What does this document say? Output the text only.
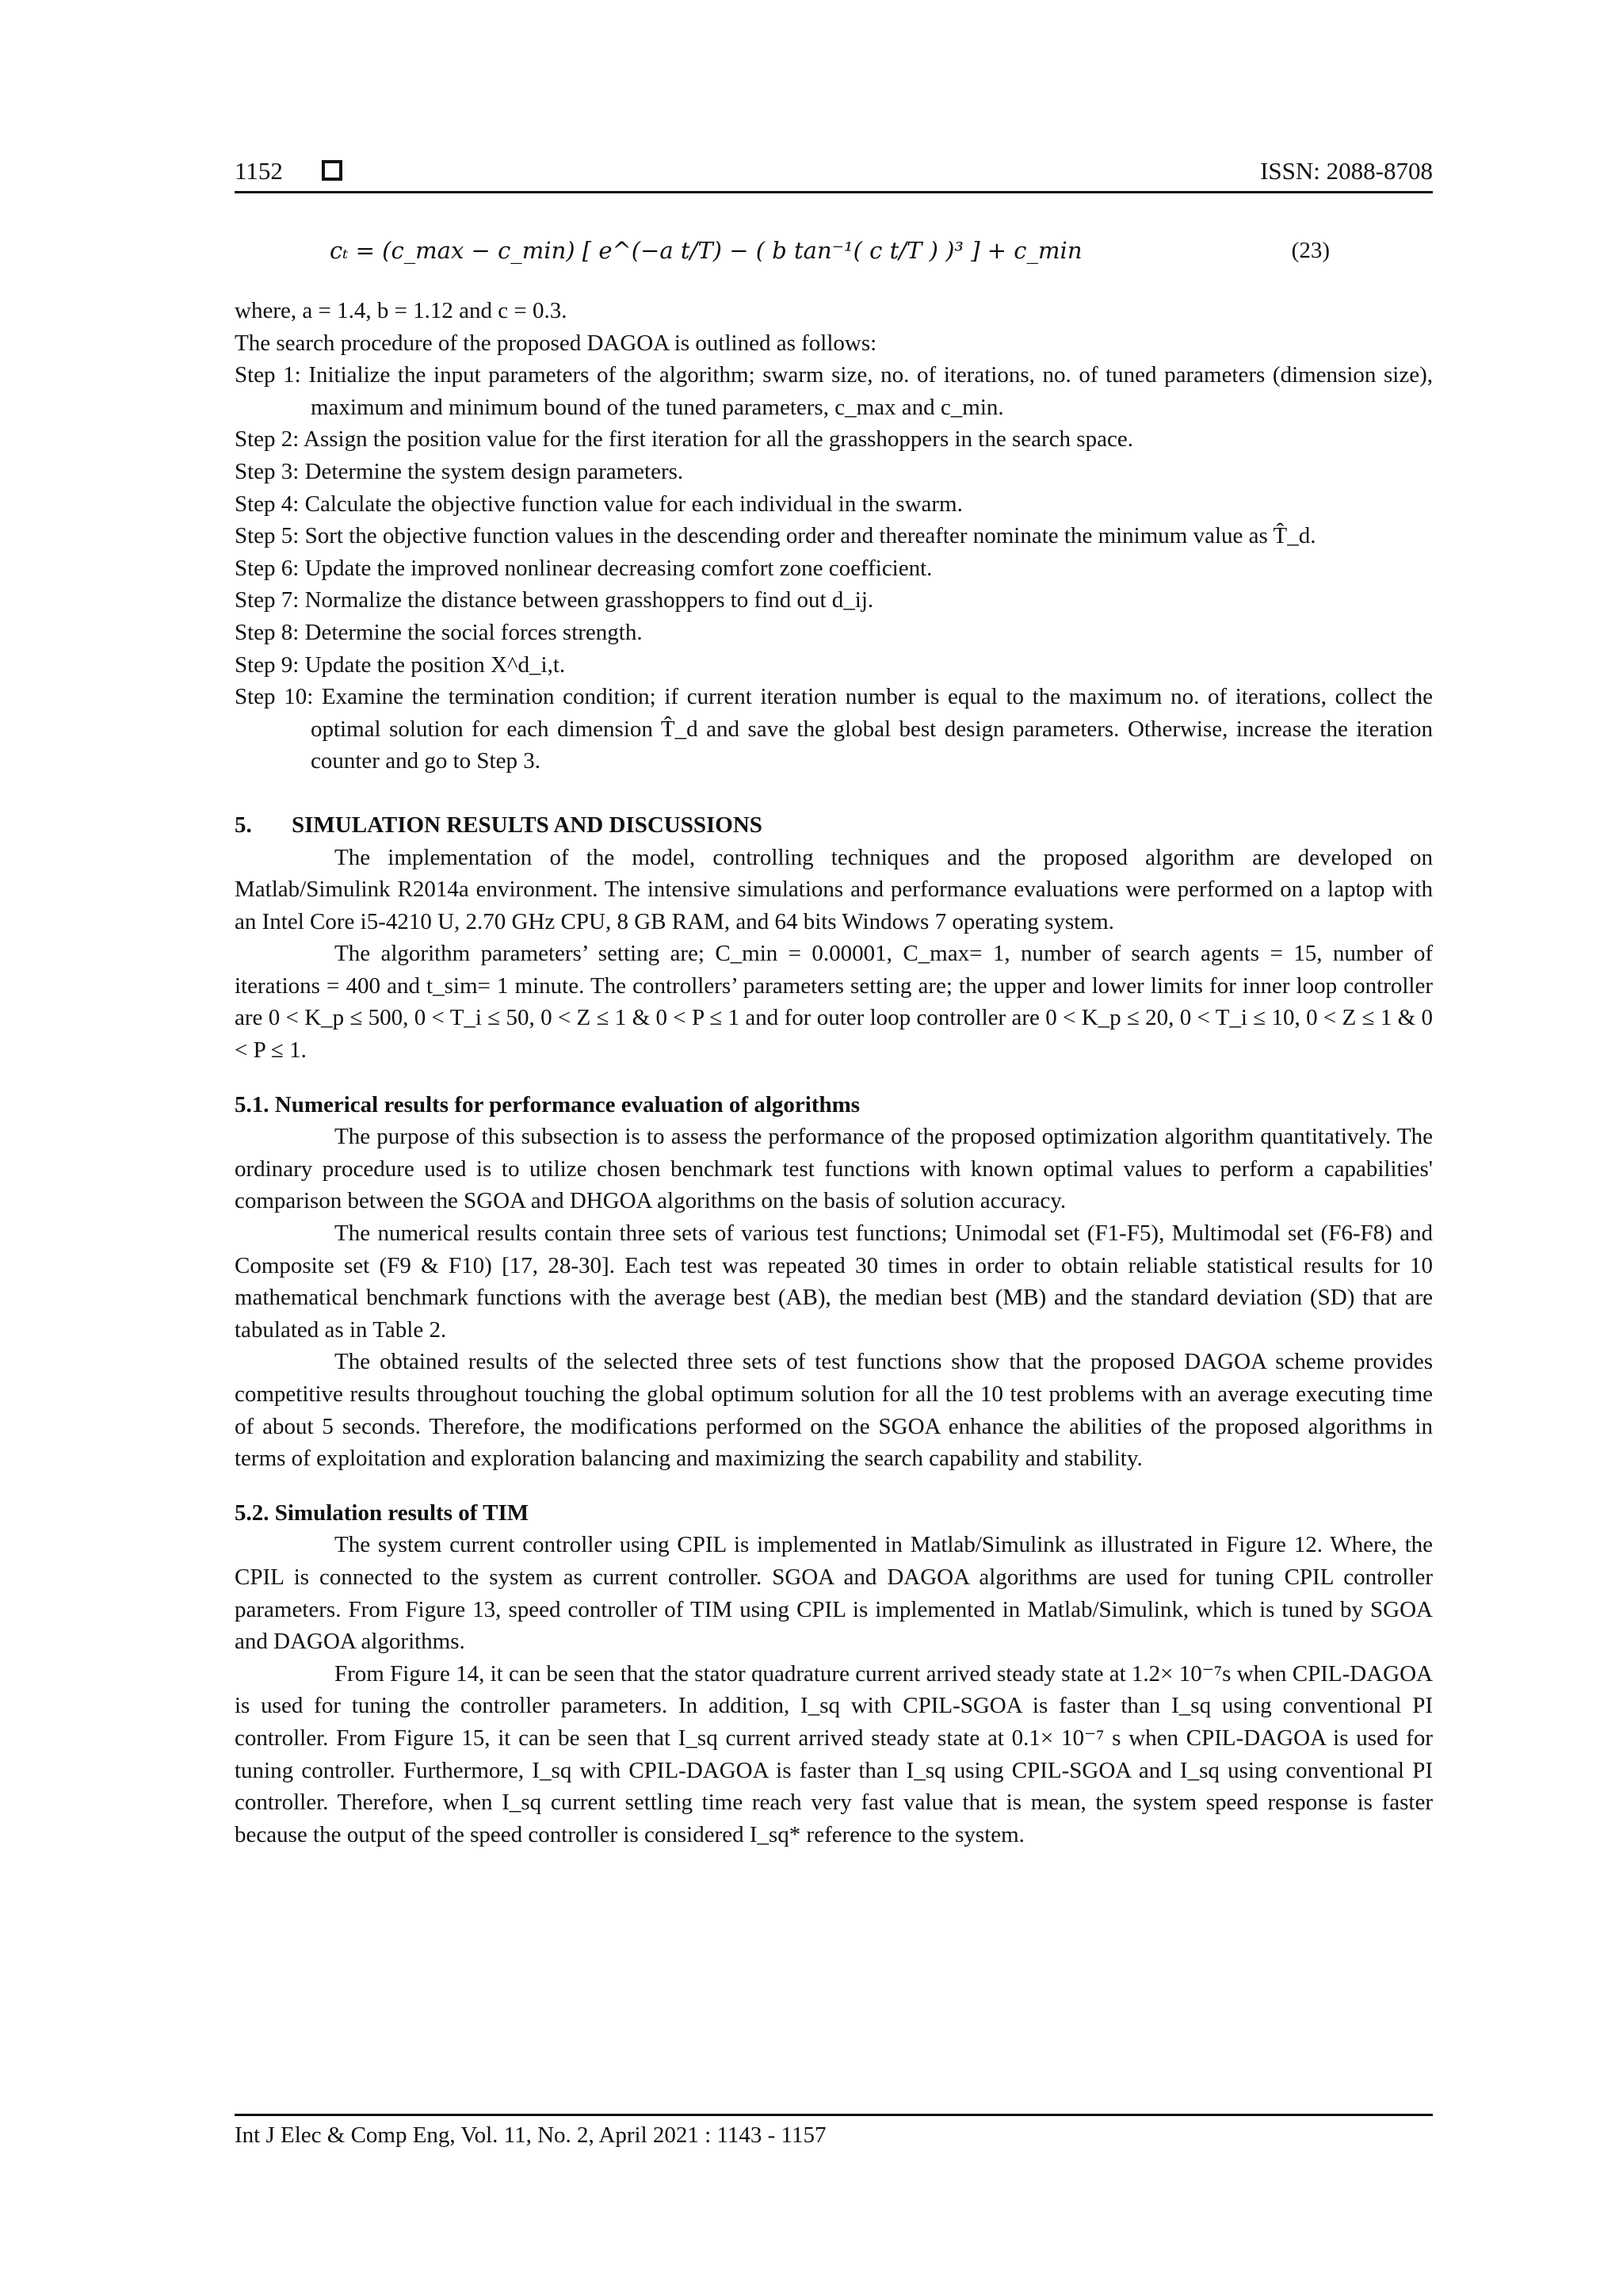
1152	ISSN: 2088-8708
cₜ = (c_max − c_min) [ e^(−a t/T) − ( b tan⁻¹( c t/T ) )³ ] + c_min	(23)

where, a = 1.4, b = 1.12 and c = 0.3.

The search procedure of the proposed DAGOA is outlined as follows:

Step 1: Initialize the input parameters of the algorithm; swarm size, no. of iterations, no. of tuned parameters (dimension size), maximum and minimum bound of the tuned parameters, c_max and c_min.

Step 2: Assign the position value for the first iteration for all the grasshoppers in the search space.

Step 3: Determine the system design parameters.

Step 4: Calculate the objective function value for each individual in the swarm.

Step 5: Sort the objective function values in the descending order and thereafter nominate the minimum value as T̂_d.

Step 6: Update the improved nonlinear decreasing comfort zone coefficient.

Step 7: Normalize the distance between grasshoppers to find out d_ij.

Step 8: Determine the social forces strength.

Step 9: Update the position X^d_i,t.

Step 10: Examine the termination condition; if current iteration number is equal to the maximum no. of iterations, collect the optimal solution for each dimension T̂_d and save the global best design parameters. Otherwise, increase the iteration counter and go to Step 3.

5. SIMULATION RESULTS AND DISCUSSIONS

The implementation of the model, controlling techniques and the proposed algorithm are developed on Matlab/Simulink R2014a environment. The intensive simulations and performance evaluations were performed on a laptop with an Intel Core i5-4210 U, 2.70 GHz CPU, 8 GB RAM, and 64 bits Windows 7 operating system.

The algorithm parameters’ setting are; C_min = 0.00001, C_max= 1, number of search agents = 15, number of iterations = 400 and t_sim= 1 minute. The controllers’ parameters setting are; the upper and lower limits for inner loop controller are 0 < K_p ≤ 500, 0 < T_i ≤ 50, 0 < Z ≤ 1 & 0 < P ≤ 1 and for outer loop controller are 0 < K_p ≤ 20, 0 < T_i ≤ 10, 0 < Z ≤ 1 & 0 < P ≤ 1.

5.1. Numerical results for performance evaluation of algorithms

The purpose of this subsection is to assess the performance of the proposed optimization algorithm quantitatively. The ordinary procedure used is to utilize chosen benchmark test functions with known optimal values to perform a capabilities' comparison between the SGOA and DHGOA algorithms on the basis of solution accuracy.

The numerical results contain three sets of various test functions; Unimodal set (F1-F5), Multimodal set (F6-F8) and Composite set (F9 & F10) [17, 28-30]. Each test was repeated 30 times in order to obtain reliable statistical results for 10 mathematical benchmark functions with the average best (AB), the median best (MB) and the standard deviation (SD) that are tabulated as in Table 2.

The obtained results of the selected three sets of test functions show that the proposed DAGOA scheme provides competitive results throughout touching the global optimum solution for all the 10 test problems with an average executing time of about 5 seconds. Therefore, the modifications performed on the SGOA enhance the abilities of the proposed algorithms in terms of exploitation and exploration balancing and maximizing the search capability and stability.

5.2. Simulation results of TIM

The system current controller using CPIL is implemented in Matlab/Simulink as illustrated in Figure 12. Where, the CPIL is connected to the system as current controller. SGOA and DAGOA algorithms are used for tuning CPIL controller parameters. From Figure 13, speed controller of TIM using CPIL is implemented in Matlab/Simulink, which is tuned by SGOA and DAGOA algorithms.

From Figure 14, it can be seen that the stator quadrature current arrived steady state at 1.2× 10⁻⁷s when CPIL-DAGOA is used for tuning the controller parameters. In addition, I_sq with CPIL-SGOA is faster than I_sq using conventional PI controller. From Figure 15, it can be seen that I_sq current arrived steady state at 0.1× 10⁻⁷ s when CPIL-DAGOA is used for tuning controller. Furthermore, I_sq with CPIL-DAGOA is faster than I_sq using CPIL-SGOA and I_sq using conventional PI controller. Therefore, when I_sq current settling time reach very fast value that is mean, the system speed response is faster because the output of the speed controller is considered I_sq* reference to the system.

Int J Elec & Comp Eng, Vol. 11, No. 2, April 2021 : 1143 - 1157
